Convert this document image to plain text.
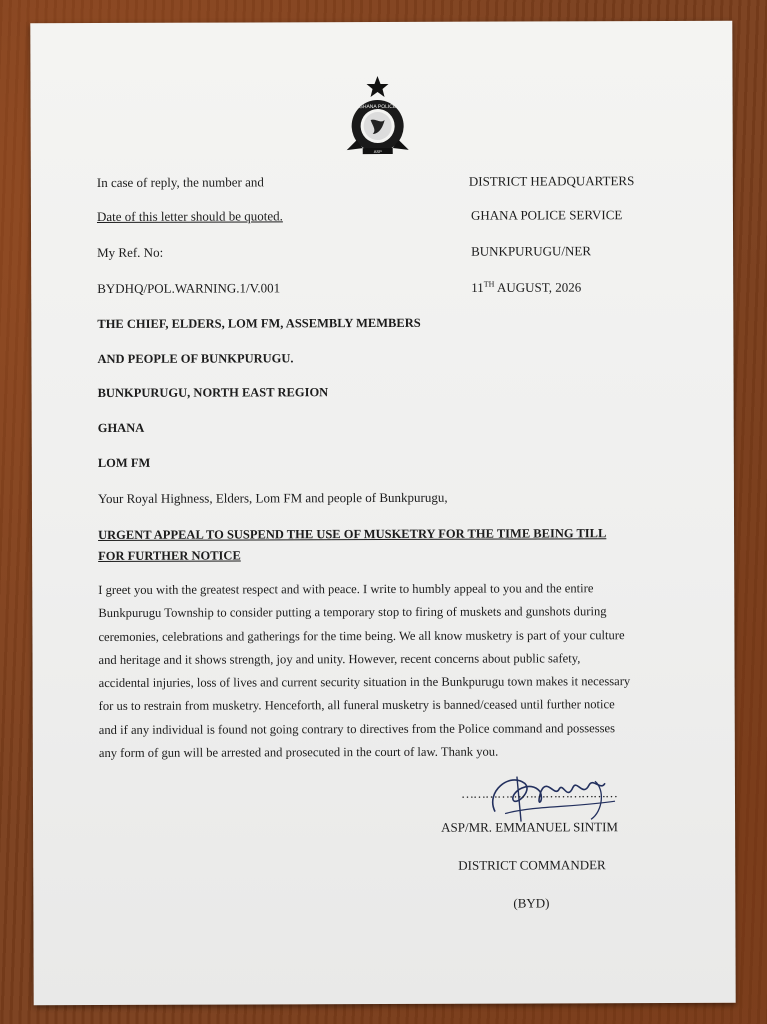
GHANA POLICE
ASP
In case of reply, the number and
Date of this letter should be quoted.
My Ref. No:
BYDHQ/POL.WARNING.1/V.001
DISTRICT HEADQUARTERS
GHANA POLICE SERVICE
BUNKPURUGU/NER
11TH AUGUST, 2026
THE CHIEF, ELDERS, LOM FM, ASSEMBLY MEMBERS
AND PEOPLE OF BUNKPURUGU.
BUNKPURUGU, NORTH EAST REGION
GHANA
LOM FM
Your Royal Highness, Elders, Lom FM and people of Bunkpurugu,
URGENT APPEAL TO SUSPEND THE USE OF MUSKETRY FOR THE TIME BEING TILL
FOR FURTHER NOTICE
I greet you with the greatest respect and with peace. I write to humbly appeal to you and the entire
Bunkpurugu Township to consider putting a temporary stop to firing of muskets and gunshots during
ceremonies, celebrations and gatherings for the time being. We all know musketry is part of your culture
and heritage and it shows strength, joy and unity. However, recent concerns about public safety,
accidental injuries, loss of lives and current security situation in the Bunkpurugu town makes it necessary
for us to restrain from musketry. Henceforth, all funeral musketry is banned/ceased until further notice
and if any individual is found not going contrary to directives from the Police command and possesses
any form of gun will be arrested and prosecuted in the court of law. Thank you.
…………………………………
ASP/MR. EMMANUEL SINTIM
DISTRICT COMMANDER
(BYD)
